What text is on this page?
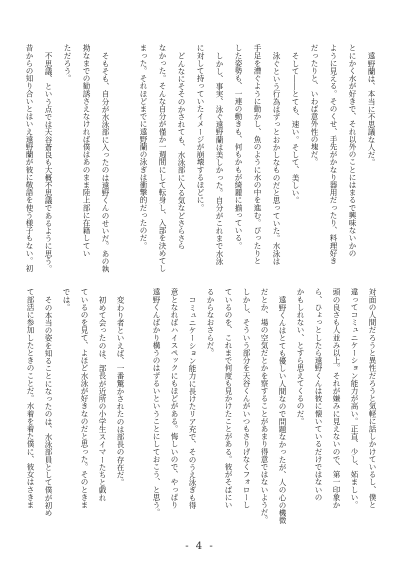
遠野蘭は、本当に不思議な人だ。
とにかく水が好きで、それ以外のことにはまるで興味ないかの
ように見える。そのくせ、手先がかなり器用だったり、料理好き
だったりと、いわば意外性の塊だ。
そして――とても、速い。そして、美しい。
泳ぐという行為はずっとおかしなものだと思っていた。水泳は
手足を漕ぐように動かし、魚のように水の中を進む。ぴったりと
した姿勢も、一連の動きも、何もかもが綺麗に揃っている。
しかし、事実、泳ぐ遠野蘭は美しかった。自分がこれまで水泳
に対して持っていたイメージが崩壊するほどに。
どんなにそそのかされても、水泳部に入る気などさらさら
なかった。そんな自分が僅か一週間にして転身し、入部を決めてし
まった。それほどまでに遠野蘭の泳ぎは衝撃的だったのだ。
そもそも、自分が水泳部に入ったのは遠野くんのせいだ。あの執
拗なまでの勧誘さえなければ僕はあのまま陸上部に在籍してい
ただろう。
不思議、という点では天谷蒼良も大概不思議であるように思う。
昔からの知り合いとはいえ遠野蘭が彼に敬語を使う様子もない。初
対面の人間だろうと異性だろうと気軽に話しかけているし、僕と
違ってコミュニケーション能力が高い。正直、少し、妬ましい。
頭の良さも人並み以上。それが嫌みに見えないので、第一印象か
ら、ひょっとしたら遠野くんは彼に懐いているだけではないの
かもしれない、とすら思えてくるのだ。
遠野くんはとても優しい人間なので問題なかったが、人の心の機微
だとか、場の空気だとかを察することがあまり得意ではないようだ。
しかし、そういう部分を天谷くんがいつもさりげなくフォローし
ているのを、これまで何度も見かけたことがある。彼がそばにい
るからなおさらだ。
コミュニケーション能力に長けたリア充で、そのうえ泳ぎも得
意となればハイスペックにもほどがある。悔しいので、やっぱり
遠野くんばかり構うのはずるいということにしておこう、と思う。
変わり者といえば、一番驚かされたのは部長の存在だ。
初めて会ったのは、部長が近所の小学生スイマーたちと戯れ
ているのを見て、よほど水泳が好きなのだと思った。そのときま
では。
その本当の姿を知ることになったのは、水泳部員として僕が初め
て部活に参加したときのことだ。水着を着た僕に、彼女はさきま
- 4 -
